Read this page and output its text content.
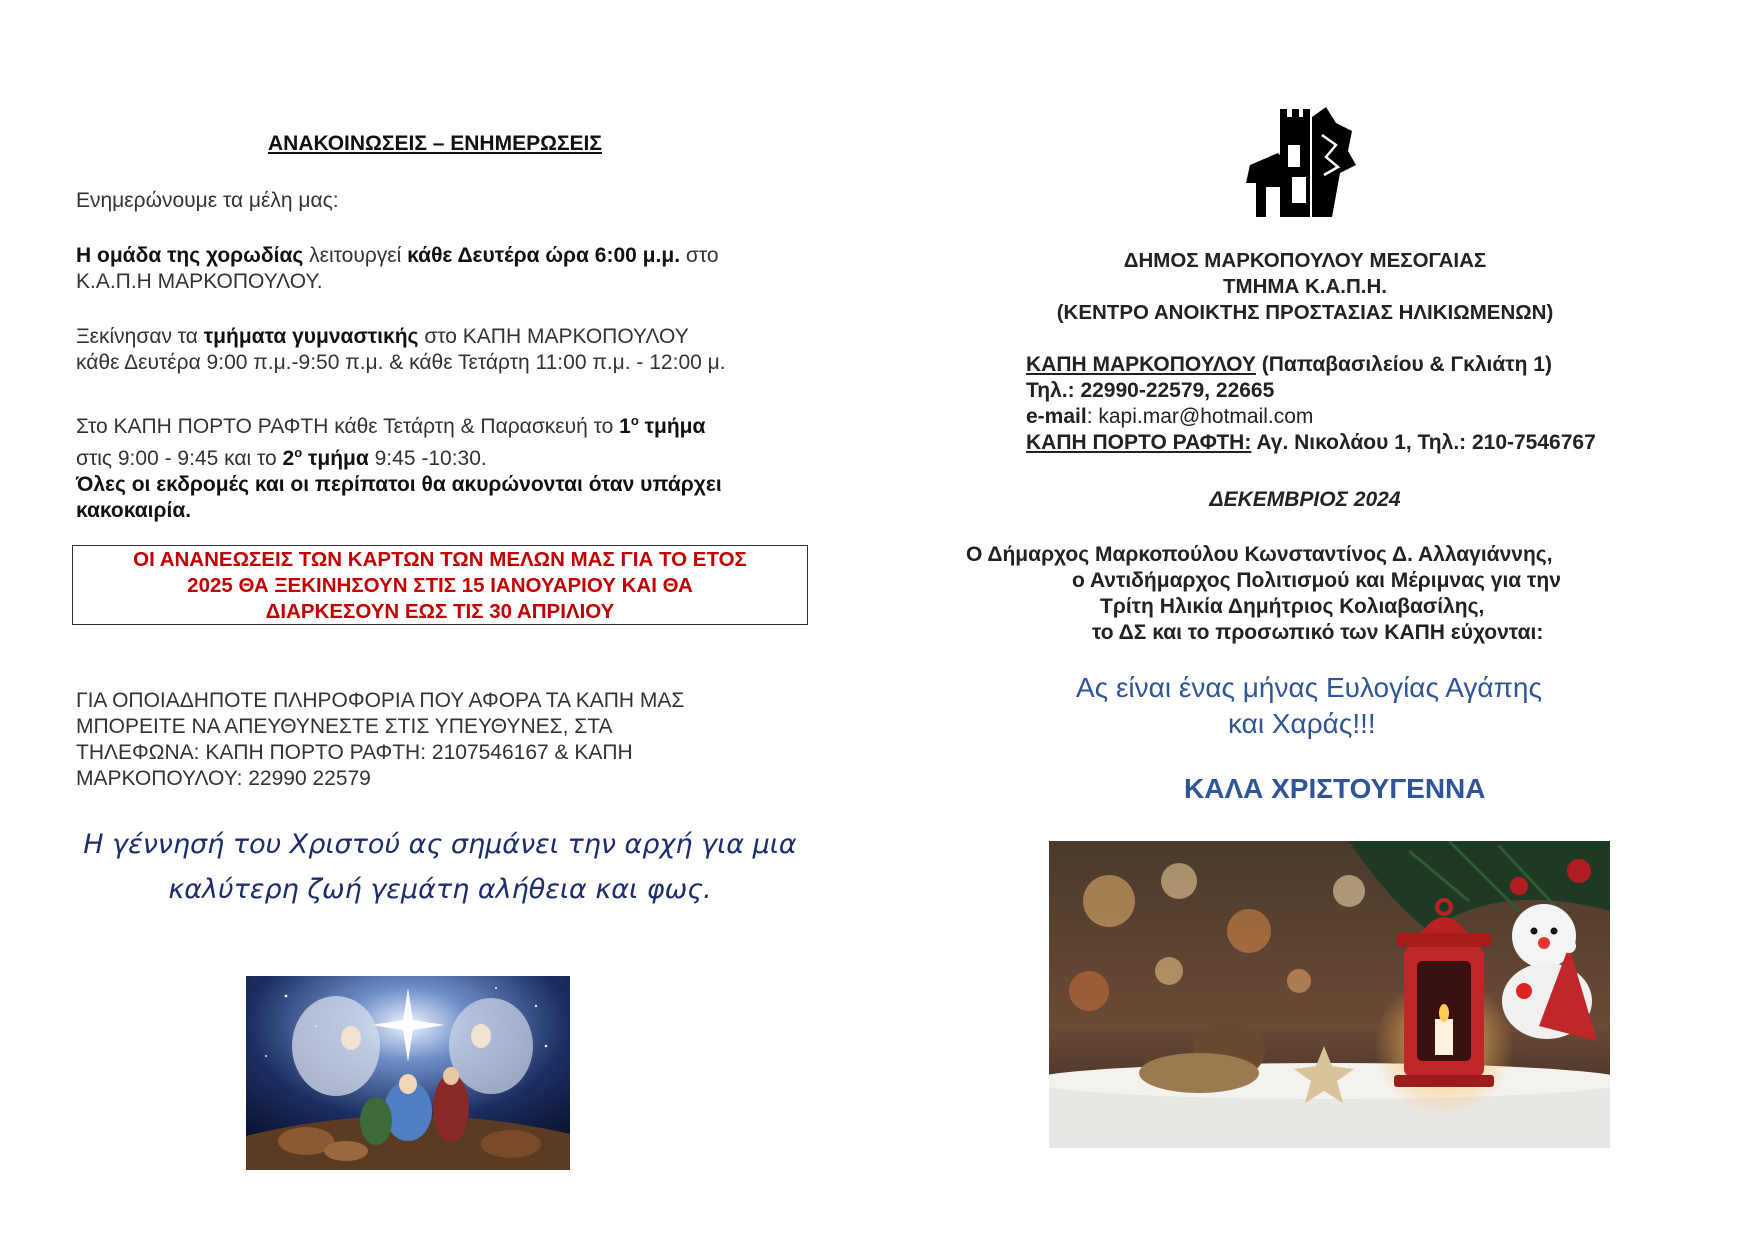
ΑΝΑΚΟΙΝΩΣΕΙΣ – ΕΝΗΜΕΡΩΣΕΙΣ
Ενημερώνουμε τα μέλη μας:
Η ομάδα της χορωδίας λειτουργεί κάθε Δευτέρα ώρα 6:00 μ.μ. στο
Κ.Α.Π.Η ΜΑΡΚΟΠΟΥΛΟΥ.
Ξεκίνησαν τα τμήματα γυμναστικής στο ΚΑΠΗ ΜΑΡΚΟΠΟΥΛΟΥ
κάθε Δευτέρα 9:00 π.μ.-9:50 π.μ. & κάθε Τετάρτη 11:00 π.μ. - 12:00 μ.
Στο ΚΑΠΗ ΠΟΡΤΟ ΡΑΦΤΗ κάθε Τετάρτη & Παρασκευή το $1^o$ τμήμα
στις 9:00 - 9:45 και το $2^o$ τμήμα 9:45 -10:30.
Όλες οι εκδρομές και οι περίπατοι θα ακυρώνονται όταν υπάρχει κακοκαιρία.
ΟΙ ΑΝΑΝΕΩΣΕΙΣ ΤΩΝ ΚΑΡΤΩΝ ΤΩΝ ΜΕΛΩΝ ΜΑΣ ΓΙΑ ΤΟ ΕΤΟΣ
2025 ΘΑ ΞΕΚΙΝΗΣΟΥΝ ΣΤΙΣ 15 ΙΑΝΟΥΑΡΙΟΥ ΚΑΙ ΘΑ
ΔΙΑΡΚΕΣΟΥΝ ΕΩΣ ΤΙΣ 30 ΑΠΡΙΛΙΟΥ
ΓΙΑ ΟΠΟΙΑΔΗΠΟΤΕ ΠΛΗΡΟΦΟΡΙΑ ΠΟΥ ΑΦΟΡΑ ΤΑ ΚΑΠΗ ΜΑΣ
ΜΠΟΡΕΙΤΕ ΝΑ ΑΠΕΥΘΥΝΕΣΤΕ ΣΤΙΣ ΥΠΕΥΘΥΝΕΣ, ΣΤΑ
ΤΗΛΕΦΩΝΑ: ΚΑΠΗ ΠΟΡΤΟ ΡΑΦΤΗ: 2107546167 & ΚΑΠΗ
ΜΑΡΚΟΠΟΥΛΟΥ: 22990 22579
Η γέννησή του Χριστού ας σημάνει την αρχή για μια
καλύτερη ζωή γεμάτη αλήθεια και φως.
ΔΗΜΟΣ ΜΑΡΚΟΠΟΥΛΟΥ ΜΕΣΟΓΑΙΑΣ
ΤΜΗΜΑ Κ.Α.Π.Η.
(ΚΕΝΤΡΟ ΑΝΟΙΚΤΗΣ ΠΡΟΣΤΑΣΙΑΣ ΗΛΙΚΙΩΜΕΝΩΝ)
ΚΑΠΗ ΜΑΡΚΟΠΟΥΛΟΥ (Παπαβασιλείου & Γκλιάτη 1)
Τηλ.: 22990-22579, 22665
e-mail: kapi.mar@hotmail.com
ΚΑΠΗ ΠΟΡΤΟ ΡΑΦΤΗ: Αγ. Νικολάου 1, Τηλ.: 210-7546767
ΔΕΚΕΜΒΡΙΟΣ 2024
Ο Δήμαρχος Μαρκοπούλου Κωνσταντίνος Δ. Αλλαγιάννης,
ο Αντιδήμαρχος Πολιτισμού και Μέριμνας για την
Τρίτη Ηλικία Δημήτριος Κολιαβασίλης,
το ΔΣ και το προσωπικό των ΚΑΠΗ εύχονται:
Ας είναι ένας μήνας Ευλογίας Αγάπης
και Χαράς!!!
ΚΑΛΑ ΧΡΙΣΤΟΥΓΕΝΝΑ
